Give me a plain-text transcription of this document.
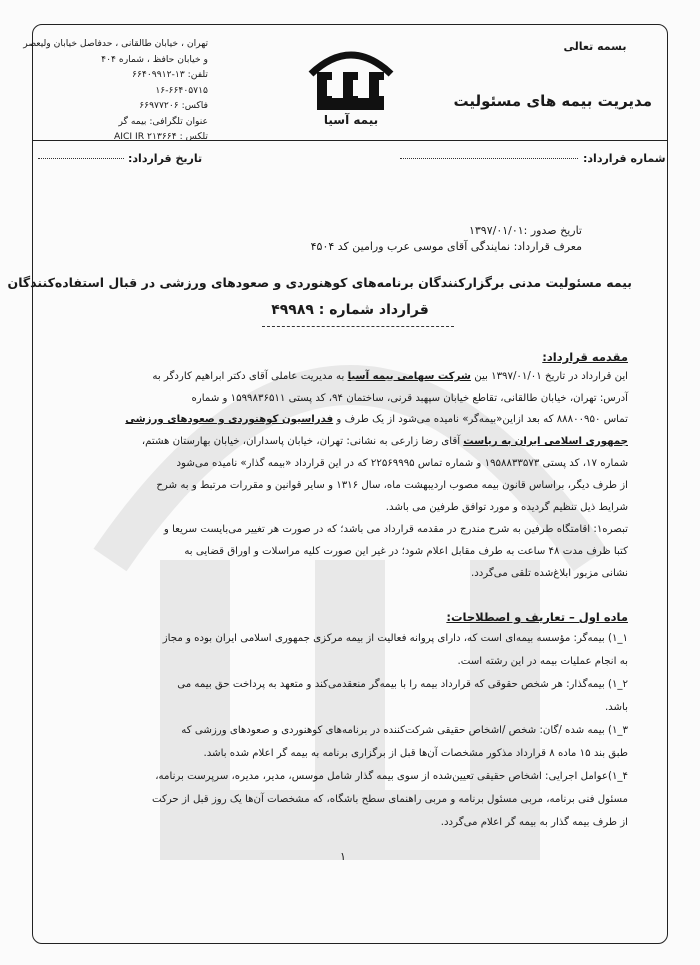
تهران ، خیابان طالقانی ، حدفاصل خیابان ولیعصر
و خیابان حافظ ، شماره ۴۰۴
تلفن: ۱۳-۶۶۴۰۹۹۱۲
۱۶-۶۶۴۰۵۷۱۵
فاکس: ۶۶۹۷۷۲۰۶
عنوان تلگرافی: بیمه گر
تلکس : AICI IR ۲۱۳۶۶۴
بیمه آسیا
بسمه تعالی
مدیریت بیمه های مسئولیت
شماره قرارداد:
تاریخ قرارداد:
تاریخ صدور :۱۳۹۷/۰۱/۰۱
معرف قرارداد: نمایندگی آقای موسی عرب ورامین کد ۴۵۰۴
بیمه مسئولیت مدنی برگزارکنندگان برنامه‌های کوهنوردی و صعودهای ورزشی در قبال استفاده‌کنندگان
قرارداد شماره : ۴۹۹۸۹
مقدمه قرارداد:
این قرارداد در تاریخ ۱۳۹۷/۰۱/۰۱ بین شرکت سهامی بیمه آسیا به مدیریت عاملی آقای دکتر ابراهیم کاردگر به
آدرس: تهران، خیابان طالقانی، تقاطع خیابان سپهبد قرنی، ساختمان ۹۴، کد پستی ۱۵۹۹۸۳۶۵۱۱ و شماره
تماس ۸۸۸۰۰۹۵۰ که بعد ازاین«بیمه‌گر» نامیده می‌شود از یک طرف و فدراسیون کوهنوردی و صعودهای ورزشی
جمهوری اسلامی ایران به ریاست آقای رضا زارعی به نشانی: تهران، خیابان پاسداران، خیابان بهارستان هشتم،
شماره ۱۷، کد پستی ۱۹۵۸۸۳۳۵۷۳ و شماره تماس ۲۲۵۶۹۹۹۵ که در این قرارداد «بیمه گذار» نامیده می‌شود
از طرف دیگر، براساس قانون بیمه مصوب اردیبهشت ماه، سال ۱۳۱۶ و سایر قوانین و مقررات مرتبط و به شرح
شرایط ذیل تنظیم گردیده و مورد توافق طرفین می باشد.
تبصره۱: اقامتگاه طرفین به شرح مندرج در مقدمه قرارداد می باشد؛ که در صورت هر تغییر می‌بایست سریعا و
کتبا ظرف مدت ۴۸ ساعت به طرف مقابل اعلام شود؛ در غیر این صورت کلیه مراسلات و اوراق قضایی به
نشانی مزبور ابلاغ‌شده تلقی می‌گردد.
ماده اول – تعاریف و اصطلاحات:
۱_۱) بیمه‌گر: مؤسسه بیمه‌ای است که، دارای پروانه فعالیت از بیمه مرکزی جمهوری اسلامی ایران بوده و مجاز
به انجام عملیات بیمه در این رشته است.
۲_۱) بیمه‌گذار: هر شخص حقوقی که قرارداد بیمه را با بیمه‌گر منعقدمی‌کند و متعهد به پرداخت حق بیمه می
باشد.
۳_۱) بیمه شده /گان: شخص /اشخاص حقیقی شرکت‌کننده در برنامه‌های کوهنوردی و صعودهای ورزشی که
طبق بند ۱۵ ماده ۸ قرارداد مذکور مشخصات آن‌ها قبل از برگزاری برنامه به بیمه گر اعلام شده باشد.
۴_۱)عوامل اجرایی: اشخاص حقیقی تعیین‌شده از سوی بیمه گذار شامل موسس، مدیر، مدیره، سرپرست برنامه،
مسئول فنی برنامه، مربی مسئول برنامه و مربی راهنمای سطح باشگاه، که مشخصات آن‌ها یک روز قبل از حرکت
از طرف بیمه گذار به بیمه گر اعلام می‌گردد.
۱
